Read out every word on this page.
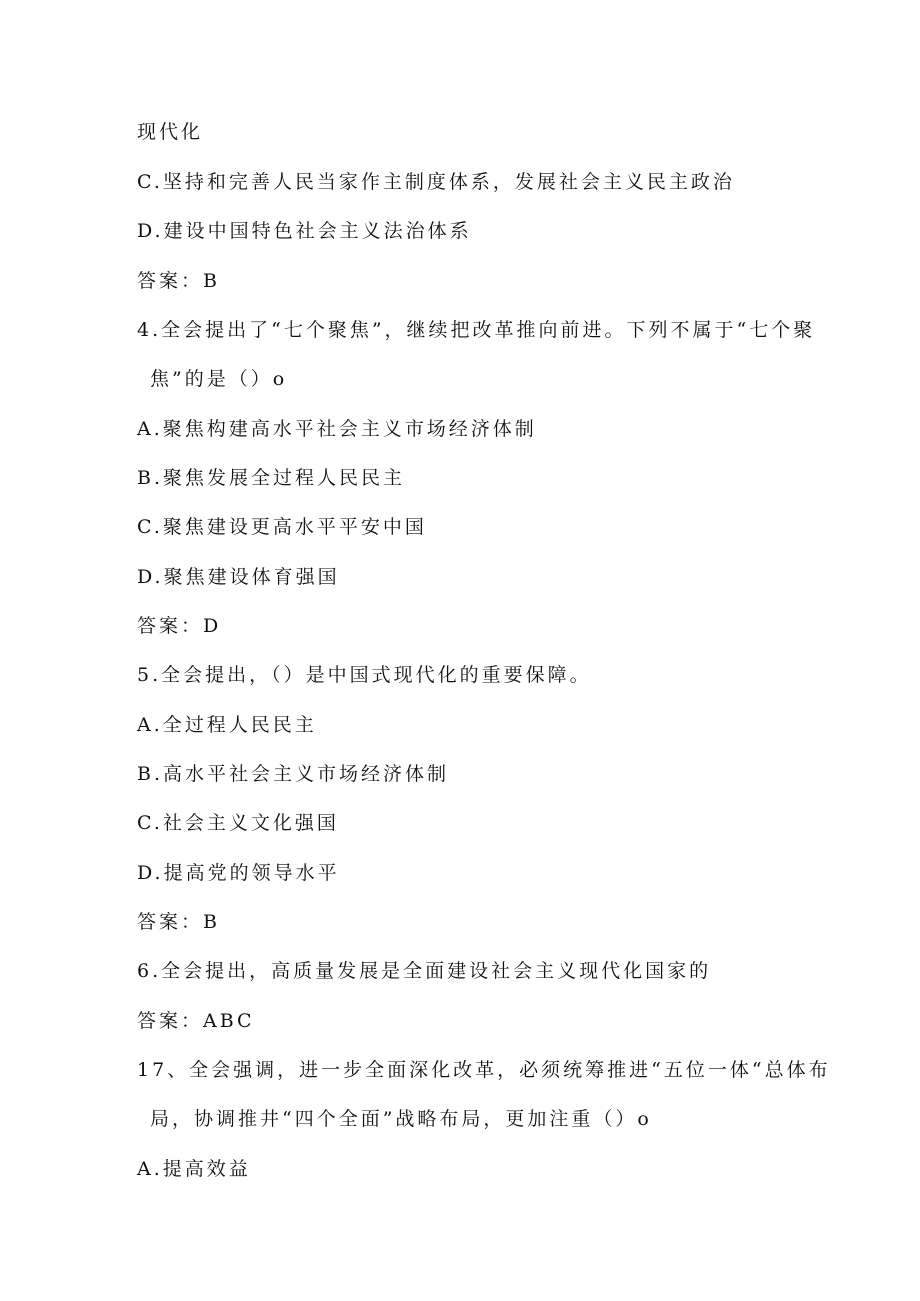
现代化
C.坚持和完善人民当家作主制度体系，发展社会主义民主政治
D.建设中国特色社会主义法治体系
答案：B
4.全会提出了“七个聚焦”，继续把改革推向前进。下列不属于“七个聚
焦”的是（）o
A.聚焦构建高水平社会主义市场经济体制
B.聚焦发展全过程人民民主
C.聚焦建设更高水平平安中国
D.聚焦建设体育强国
答案：D
5.全会提出，（）是中国式现代化的重要保障。
A.全过程人民民主
B.高水平社会主义市场经济体制
C.社会主义文化强国
D.提高党的领导水平
答案：B
6.全会提出，高质量发展是全面建设社会主义现代化国家的
答案：ABC
17、全会强调，进一步全面深化改革，必须统筹推进“五位一体“总体布
局，协调推井“四个全面”战略布局，更加注重（）o
A.提高效益
